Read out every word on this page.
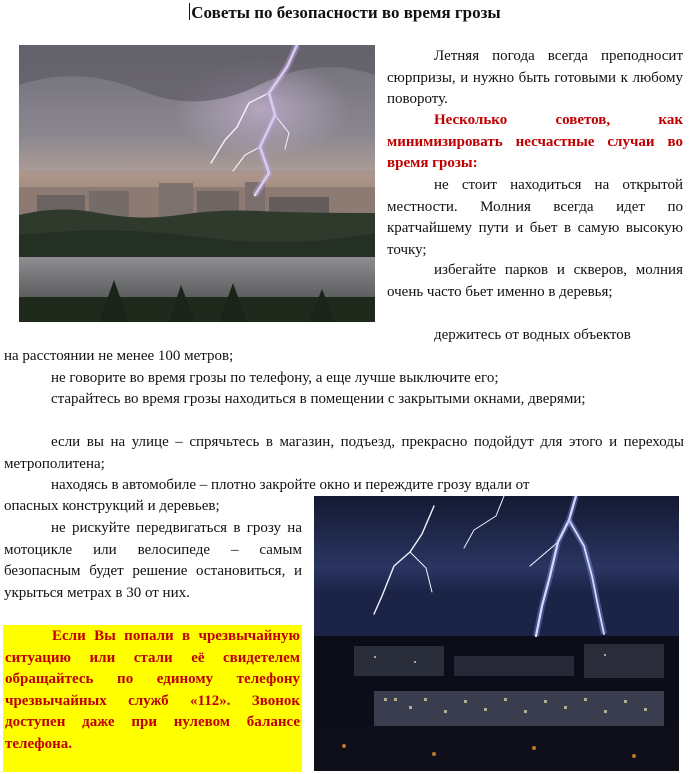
Советы по безопасности во время грозы

Летняя погода всегда преподносит сюрпризы, и нужно быть готовыми к любому повороту.

Несколько советов, как минимизировать несчастные случаи во время грозы:

не стоит находиться на открытой местности. Молния всегда идет по кратчайшему пути и бьет в самую высокую точку;

избегайте парков и скверов, молния очень часто бьет именно в деревья;

держитесь от водных объектов

на расстоянии не менее 100 метров;

не говорите во время грозы по телефону, а еще лучше выключите его;

старайтесь во время грозы находиться в помещении с закрытыми окнами, дверями;

если вы на улице – спрячьтесь в магазин, подъезд, прекрасно подойдут для этого и переходы метрополитена;

находясь в автомобиле – плотно закройте окно и переждите грозу вдали от

опасных конструкций и деревьев;

не рискуйте передвигаться в грозу на мотоцикле или велосипеде – самым безопасным будет решение остановиться, и укрыться метрах в 30 от них.

Если Вы попали в чрезвычайную ситуацию или стали её свидетелем обращайтесь по единому телефону чрезвычайных служб «112». Звонок доступен даже при нулевом балансе телефона.
